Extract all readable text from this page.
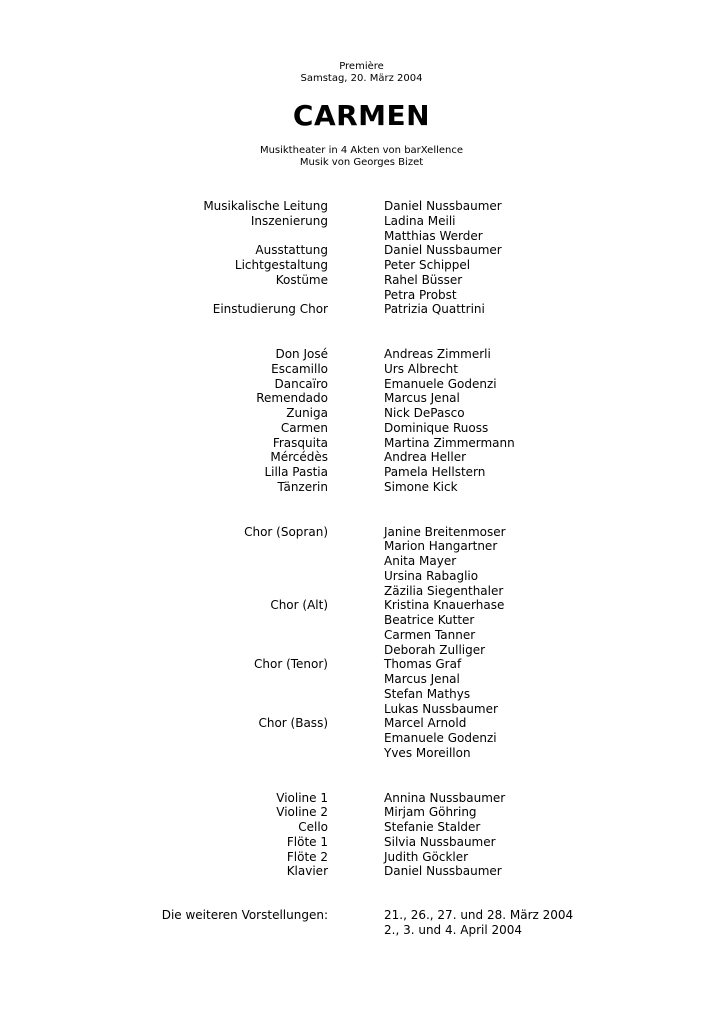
Première
Samstag, 20. März 2004
CARMEN
Musiktheater in 4 Akten von barXellence
Musik von Georges Bizet
Musikalische Leitung	Daniel Nussbaumer
Inszenierung	Ladina Meili
Matthias Werder
Ausstattung	Daniel Nussbaumer
Lichtgestaltung	Peter Schippel
Kostüme	Rahel Büsser
Petra Probst
Einstudierung Chor	Patrizia Quattrini
Don José	Andreas Zimmerli
Escamillo	Urs Albrecht
Dancaïro	Emanuele Godenzi
Remendado	Marcus Jenal
Zuniga	Nick DePasco
Carmen	Dominique Ruoss
Frasquita	Martina Zimmermann
Mércédès	Andrea Heller
Lilla Pastia	Pamela Hellstern
Tänzerin	Simone Kick
Chor (Sopran)	Janine Breitenmoser
Marion Hangartner
Anita Mayer
Ursina Rabaglio
Zäzilia Siegenthaler
Chor (Alt)	Kristina Knauerhase
Beatrice Kutter
Carmen Tanner
Deborah Zulliger
Chor (Tenor)	Thomas Graf
Marcus Jenal
Stefan Mathys
Lukas Nussbaumer
Chor (Bass)	Marcel Arnold
Emanuele Godenzi
Yves Moreillon
Violine 1	Annina Nussbaumer
Violine 2	Mirjam Göhring
Cello	Stefanie Stalder
Flöte 1	Silvia Nussbaumer
Flöte 2	Judith Göckler
Klavier	Daniel Nussbaumer
Die weiteren Vorstellungen:	21., 26., 27. und 28. März 2004
2., 3. und 4. April 2004
